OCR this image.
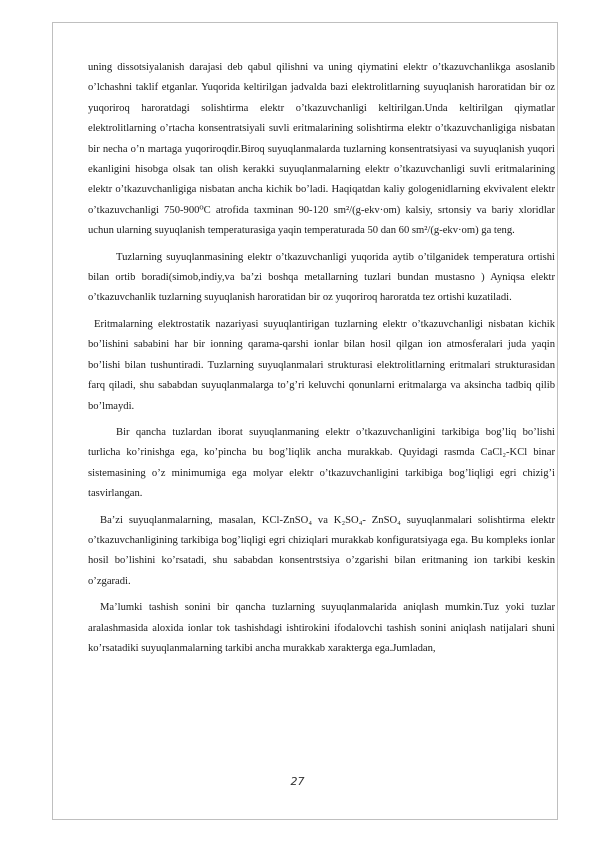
uning dissotsiyalanish darajasi deb qabul qilishni va uning qiymatini elektr o’tkazuvchanlikga asoslanib o’lchashni taklif etganlar. Yuqorida keltirilgan jadvalda bazi elektrolitlarning suyuqlanish haroratidan bir oz yuqoriroq haroratdagi solishtirma elektr o’tkazuvchanligi keltirilgan.Unda keltirilgan qiymatlar elektrolitlarning o’rtacha konsentratsiyali suvli eritmalarining solishtirma elektr o’tkazuvchanligiga nisbatan bir necha o’n martaga yuqoriroqdir.Biroq suyuqlanmalarda tuzlarning konsentratsiyasi va suyuqlanish yuqori ekanligini hisobga olsak tan olish kerakki suyuqlanmalarning elektr o’tkazuvchanligi suvli eritmalarining elektr o’tkazuvchanligiga nisbatan ancha kichik bo’ladi. Haqiqatdan kaliy gologenidlarning ekvivalent elektr o’tkazuvchanligi 750-900⁰C atrofida taxminan 90-120 sm²/(g-ekv·om) kalsiy, srtonsiy va bariy xloridlar uchun ularning suyuqlanish temperaturasiga yaqin temperaturada 50 dan 60 sm²/(g-ekv·om) ga teng.

Tuzlarning suyuqlanmasining elektr o’tkazuvchanligi yuqorida aytib o’tilganidek temperatura ortishi bilan ortib boradi(simob,indiy,va ba’zi boshqa metallarning tuzlari bundan mustasno ) Ayniqsa elektr o’tkazuvchanlik tuzlarning suyuqlanish haroratidan bir oz yuqoriroq haroratda tez ortishi kuzatiladi.

Eritmalarning elektrostatik nazariyasi suyuqlantirigan tuzlarning elektr o’tkazuvchanligi nisbatan kichik bo’lishini sababini har bir ionning qarama-qarshi ionlar bilan hosil qilgan ion atmosferalari juda yaqin bo’lishi bilan tushuntiradi. Tuzlarning suyuqlanmalari strukturasi elektrolitlarning eritmalari strukturasidan farq qiladi, shu sababdan suyuqlanmalarga to’g’ri keluvchi qonunlarni eritmalarga va aksincha tadbiq qilib bo’lmaydi.

Bir qancha tuzlardan iborat suyuqlanmaning elektr o’tkazuvchanligini tarkibiga bog’liq bo’lishi turlicha ko’rinishga ega, ko’pincha bu bog’liqlik ancha murakkab. Quyidagi rasmda CaCl₂-KCl binar sistemasining o’z minimumiga ega molyar elektr o’tkazuvchanligini tarkibiga bog’liqligi egri chizig’i tasvirlangan.

Ba’zi suyuqlanmalarning, masalan, KCl-ZnSO₄ va K₂SO₄- ZnSO₄ suyuqlanmalari solishtirma elektr o’tkazuvchanligining tarkibiga bog’liqligi egri chiziqlari murakkab konfiguratsiyaga ega. Bu kompleks ionlar hosil bo’lishini ko’rsatadi, shu sababdan konsentrstsiya o’zgarishi bilan eritmaning ion tarkibi keskin o’zgaradi.

Ma’lumki tashish sonini bir qancha tuzlarning suyuqlanmalarida aniqlash mumkin.Tuz yoki tuzlar aralashmasida aloxida ionlar tok tashishdagi ishtirokini ifodalovchi tashish sonini aniqlash natijalari shuni ko’rsatadiki suyuqlanmalarning tarkibi ancha murakkab xarakterga ega.Jumladan,

27
